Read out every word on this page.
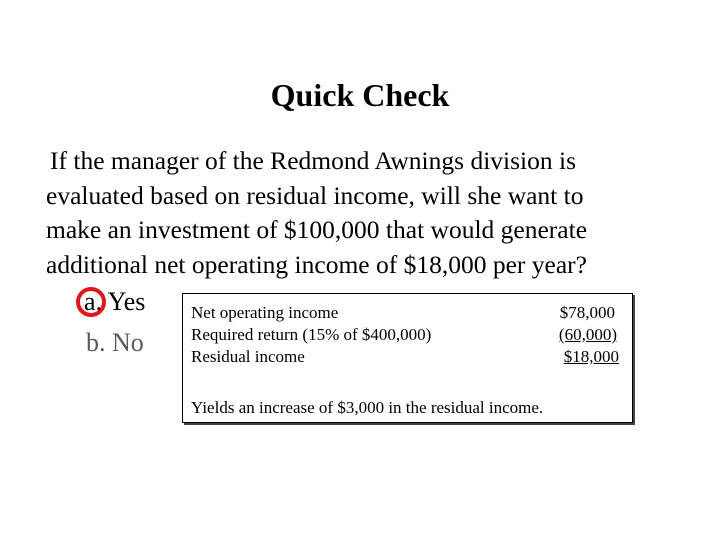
Quick Check
If the manager of the Redmond Awnings division is
evaluated based on residual income, will she want to
make an investment of $100,000 that would generate
additional net operating income of $18,000 per year?
a. Yes
b. No
Net operating income	$78,000
Required return (15% of $400,000)	(60,000)
Residual income	$18,000
Yields an increase of $3,000 in the residual income.
